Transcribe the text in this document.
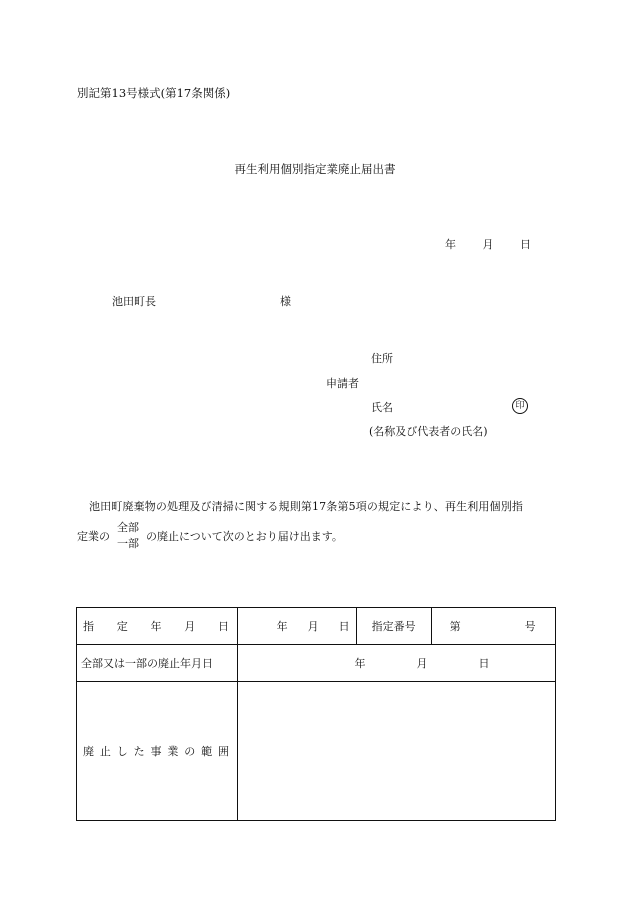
別記第13号様式(第17条関係)
再生利用個別指定業廃止届出書
年 月 日
池田町長	様
住所
申請者
氏名	印
(名称及び代表者の氏名)
池田町廃棄物の処理及び清掃に関する規則第17条第5項の規定により、再生利用個別指
定業の
全部
一部
の廃止について次のとおり届け出ます。
指　定　年　月　日	年 月 日	指定番号	第 号
全部又は一部の廃止年月日	年 月 日		
廃止した事業の範囲			
